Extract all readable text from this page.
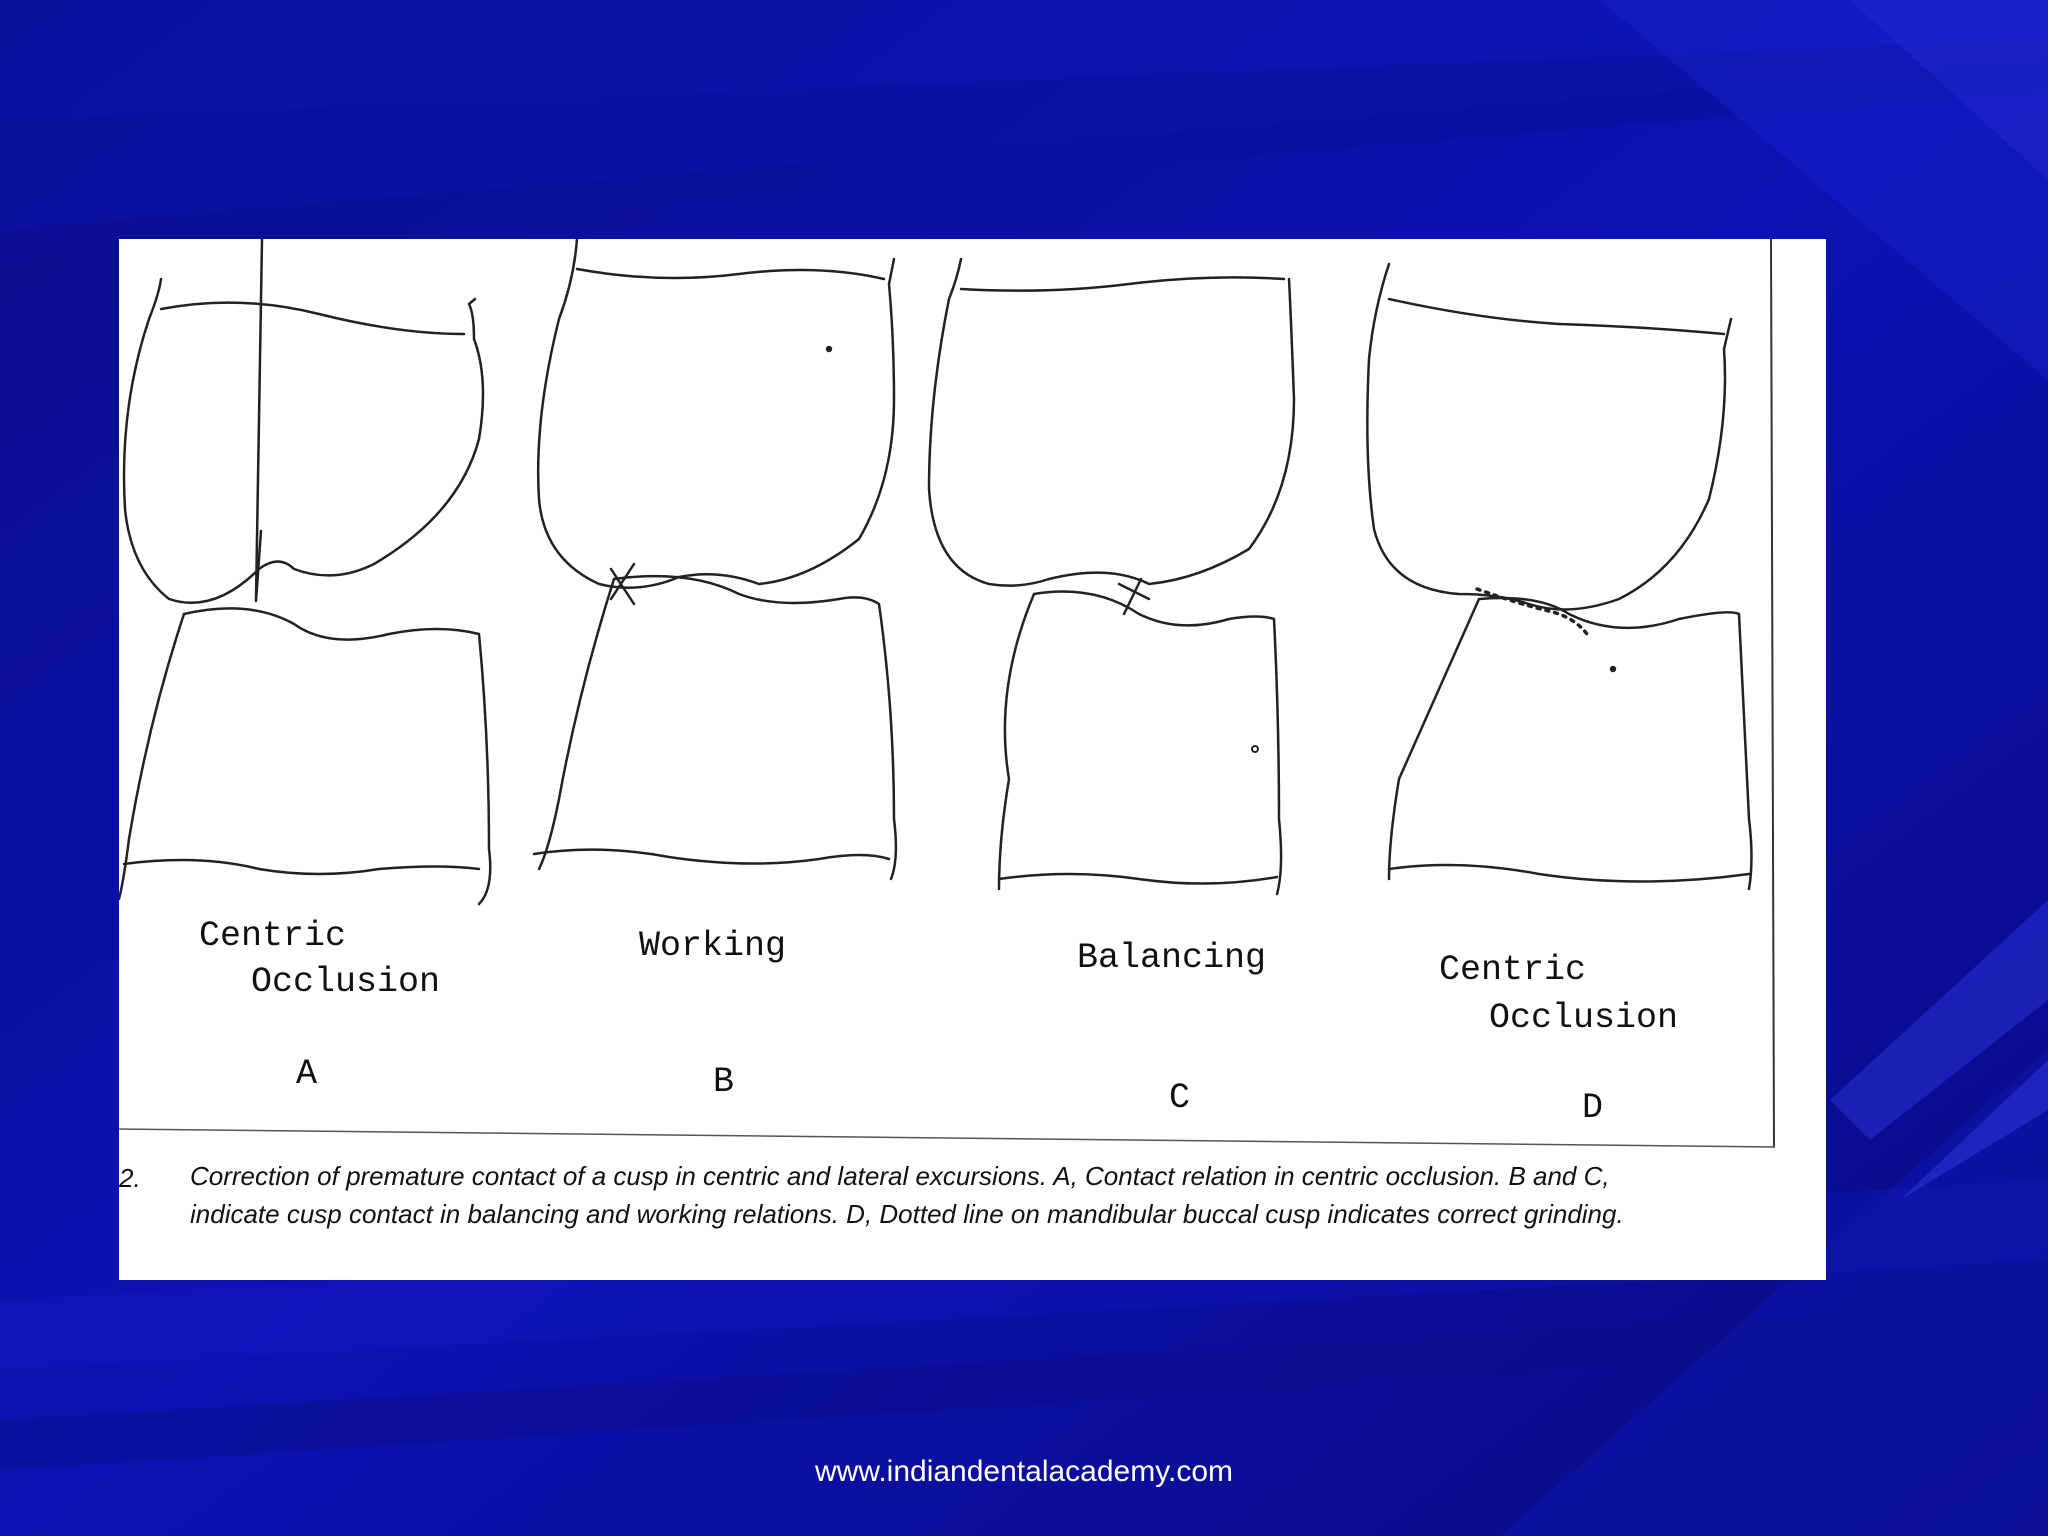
Centric
Occlusion
A
Working
B
Balancing
C
Centric
Occlusion
D
2. Correction of premature contact of a cusp in centric and lateral excursions. A, Contact relation in centric occlusion. B and C,
indicate cusp contact in balancing and working relations. D, Dotted line on mandibular buccal cusp indicates correct grinding.
www.indiandentalacademy.com
